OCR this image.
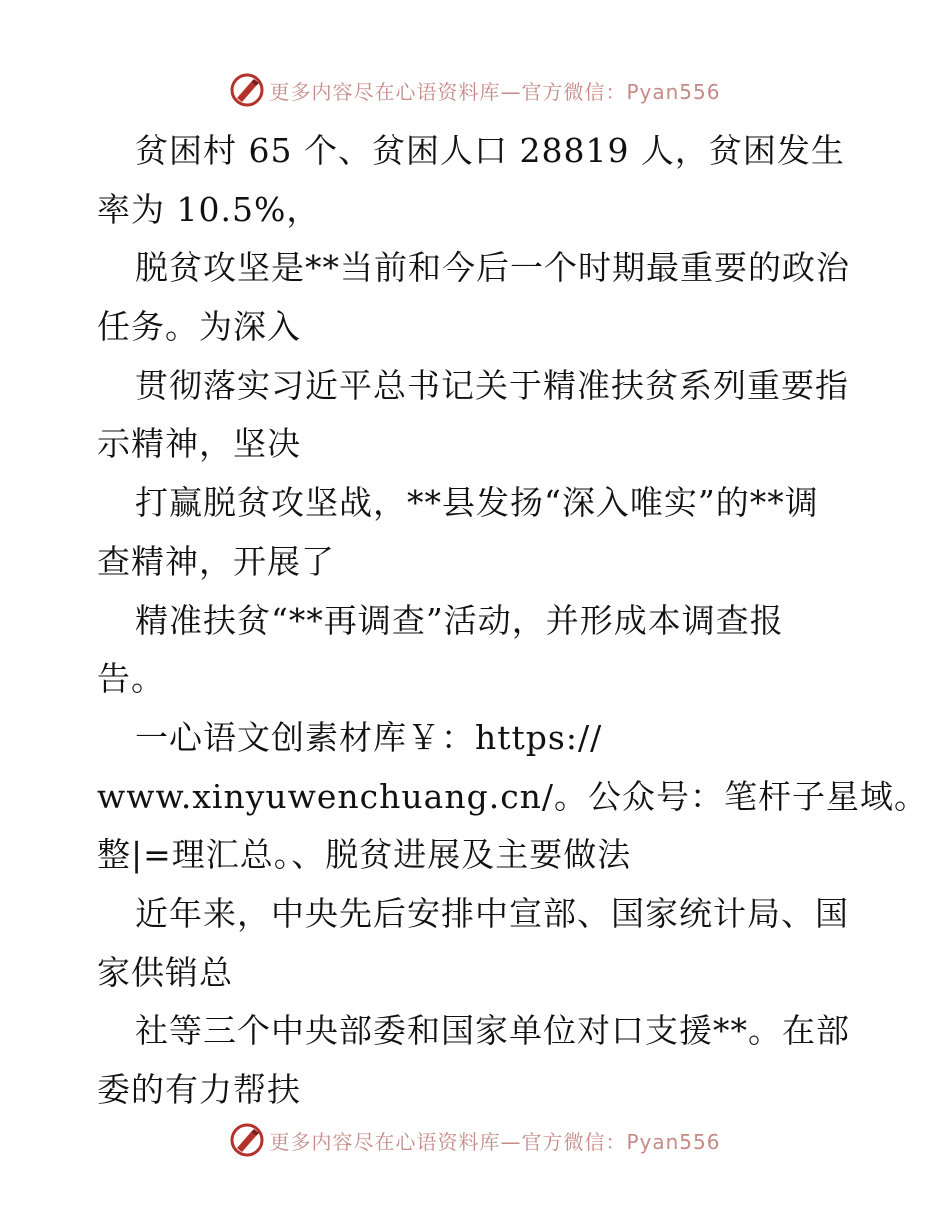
更多内容尽在心语资料库—官方微信：Pyan556
贫困村 65 个、贫困人口 28819 人，贫困发生
率为 10.5%，
脱贫攻坚是**当前和今后一个时期最重要的政治
任务。为深入
贯彻落实习近平总书记关于精准扶贫系列重要指
示精神，坚决
打赢脱贫攻坚战，**县发扬“深入唯实”的**调
查精神，开展了
精准扶贫“**再调查”活动，并形成本调查报
告。
一心语文创素材库￥：https://
www.xinyuwenchuang.cn/。公众号：笔杆子星域。
整|=理汇总。、脱贫进展及主要做法
近年来，中央先后安排中宣部、国家统计局、国
家供销总
社等三个中央部委和国家单位对口支援**。在部
委的有力帮扶
更多内容尽在心语资料库—官方微信：Pyan556
